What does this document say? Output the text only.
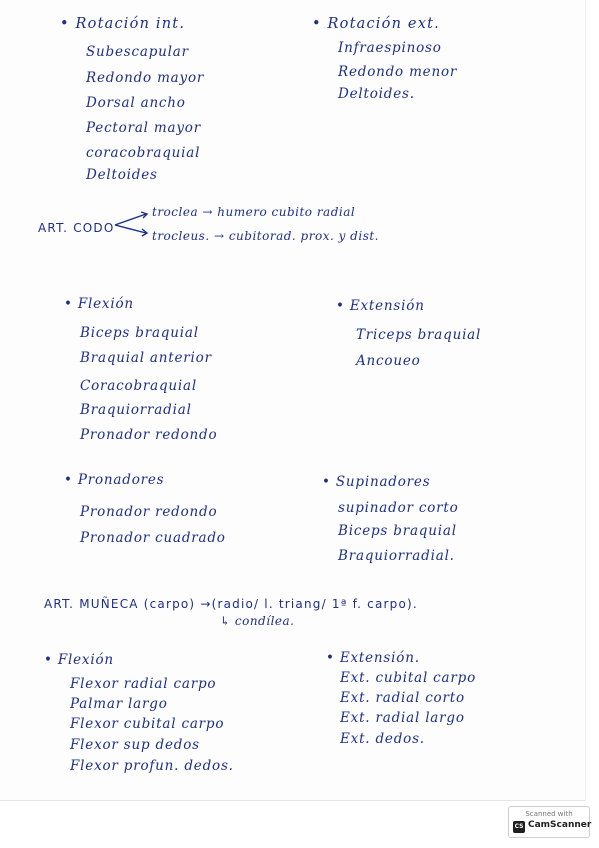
• Rotación int.
Subescapular
Redondo mayor
Dorsal ancho
Pectoral mayor
coracobraquial
Deltoides
• Rotación ext.
Infraespinoso
Redondo menor
Deltoides.
ART. CODO
troclea → humero cubito radial
trocleus. → cubitorad. prox. y dist.
• Flexión
Biceps braquial
Braquial anterior
Coracobraquial
Braquiorradial
Pronador redondo
• Extensión
Triceps braquial
Ancoueo
• Pronadores
Pronador redondo
Pronador cuadrado
• Supinadores
supinador corto
Biceps braquial
Braquiorradial.
ART. MUÑECA (carpo) →(radio/ l. triang/ 1ª f. carpo).
↳ condílea.
• Flexión
Flexor radial carpo
Palmar largo
Flexor cubital carpo
Flexor sup dedos
Flexor profun. dedos.
• Extensión.
Ext. cubital carpo
Ext. radial corto
Ext. radial largo
Ext. dedos.
Scanned with
CS CamScanner
